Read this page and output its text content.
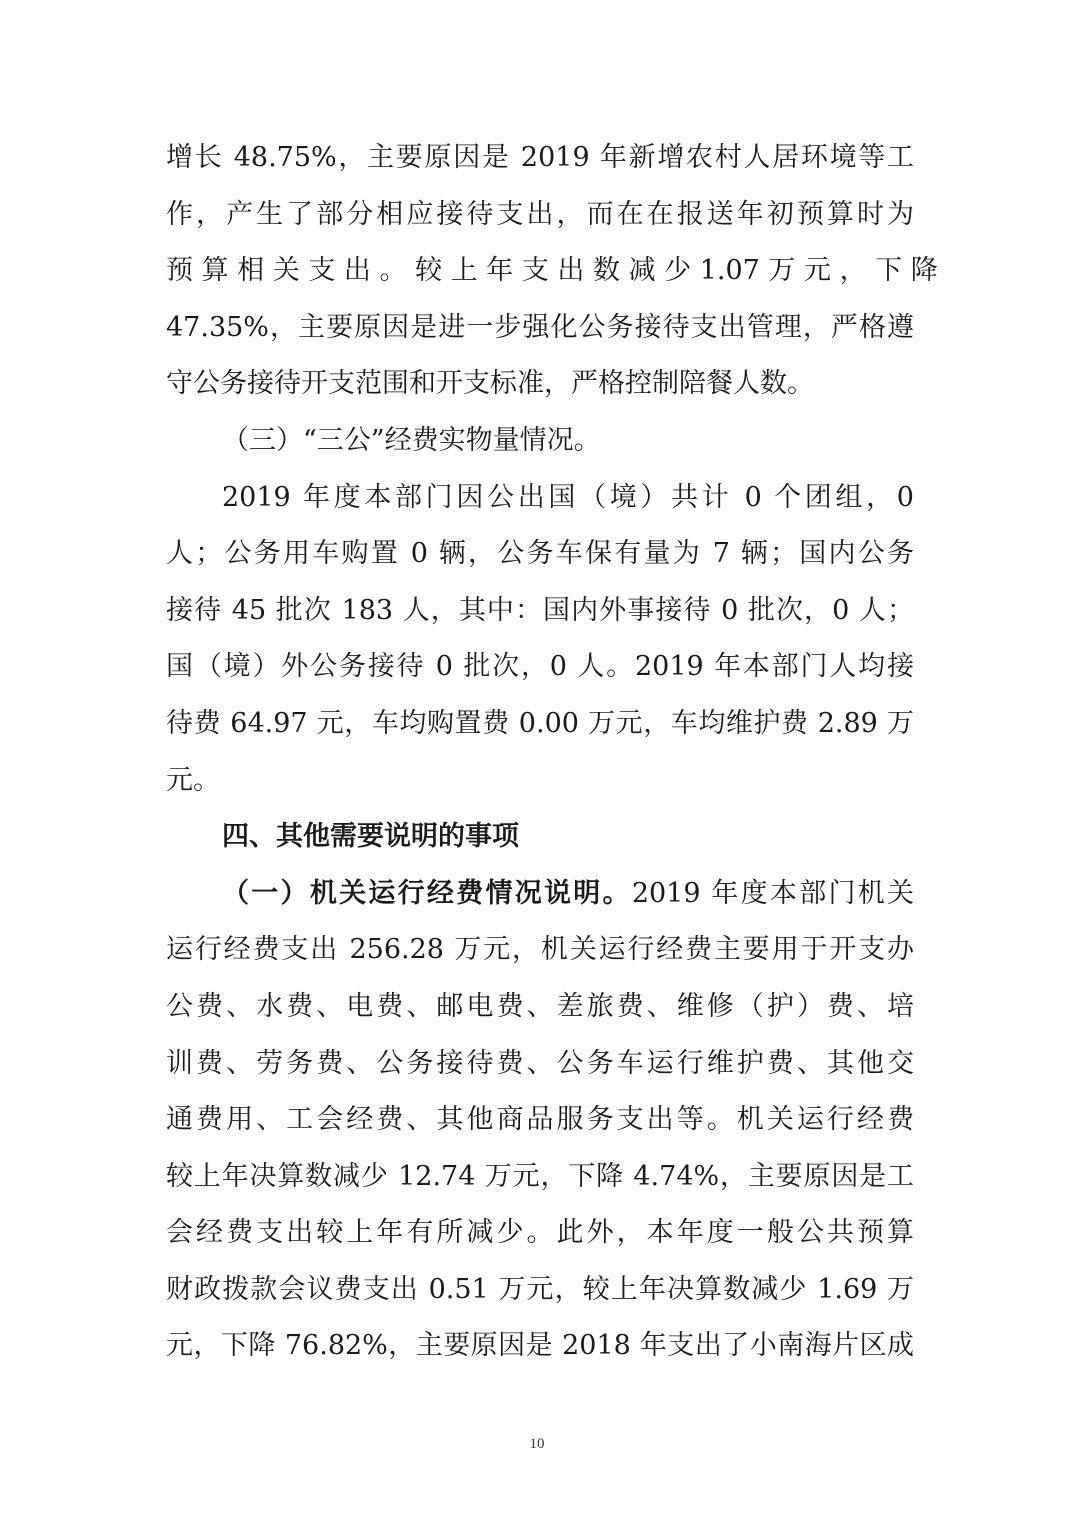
增长 48.75%，主要原因是 2019 年新增农村人居环境等工
作，产生了部分相应接待支出，而在在报送年初预算时为
预 算 相 关 支 出 。 较 上 年 支 出 数 减 少 1.07 万 元 ， 下 降
47.35%，主要原因是进一步强化公务接待支出管理，严格遵
守公务接待开支范围和开支标准，严格控制陪餐人数。
（三）“三公”经费实物量情况。
2019 年度本部门因公出国（境）共计 0 个团组，0
人；公务用车购置 0 辆，公务车保有量为 7 辆；国内公务
接待 45 批次 183 人，其中：国内外事接待 0 批次，0 人；
国（境）外公务接待 0 批次，0 人。2019 年本部门人均接
待费 64.97 元，车均购置费 0.00 万元，车均维护费 2.89 万
元。
四、其他需要说明的事项
（一）机关运行经费情况说明。2019 年度本部门机关
运行经费支出 256.28 万元，机关运行经费主要用于开支办
公费、水费、电费、邮电费、差旅费、维修（护）费、培
训费、劳务费、公务接待费、公务车运行维护费、其他交
通费用、工会经费、其他商品服务支出等。机关运行经费
较上年决算数减少 12.74 万元，下降 4.74%，主要原因是工
会经费支出较上年有所减少。此外，本年度一般公共预算
财政拨款会议费支出 0.51 万元，较上年决算数减少 1.69 万
元，下降 76.82%，主要原因是 2018 年支出了小南海片区成
10
